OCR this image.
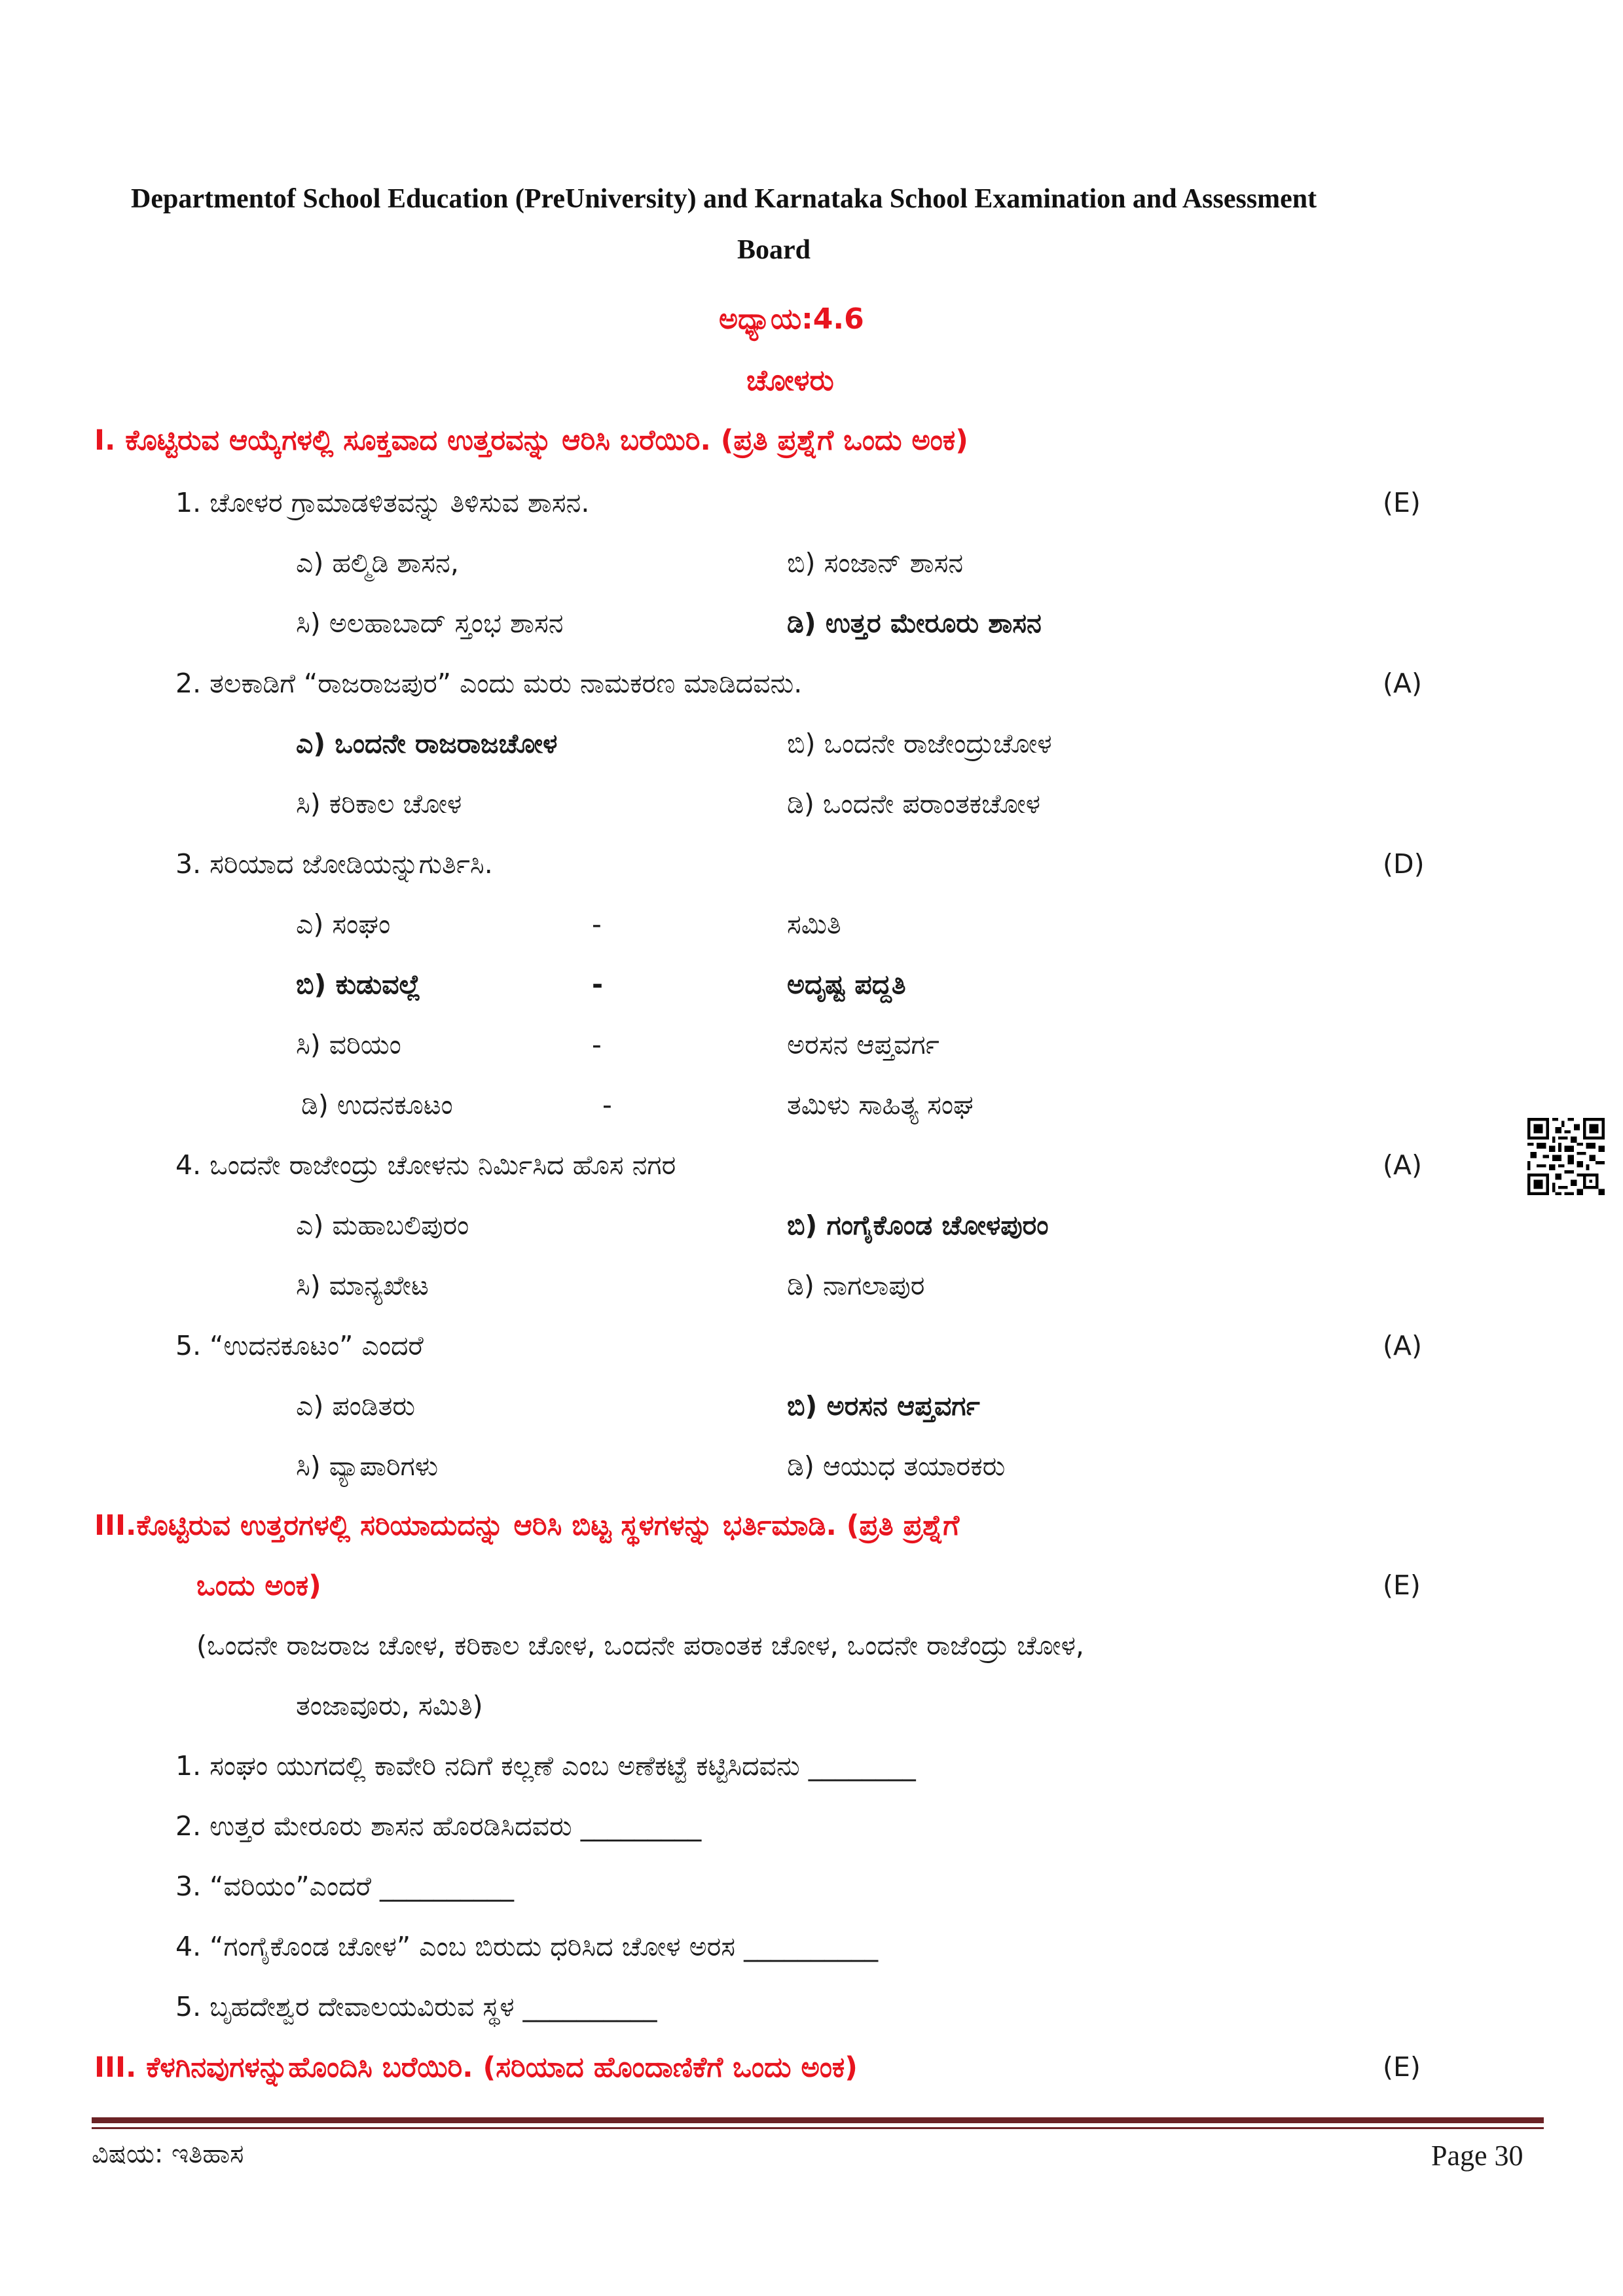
Departmentof School Education (PreUniversity) and Karnataka School Examination and Assessment
Board
ಅಧ್ಯಾಯ:4.6
ಚೋಳರು
I. ಕೊಟ್ಟಿರುವ ಆಯ್ಕೆಗಳಲ್ಲಿ ಸೂಕ್ತವಾದ ಉತ್ತರವನ್ನು ಆರಿಸಿ ಬರೆಯಿರಿ. (ಪ್ರತಿ ಪ್ರಶ್ನೆಗೆ ಒಂದು ಅಂಕ)
1. ಚೋಳರ ಗ್ರಾಮಾಡಳಿತವನ್ನು ತಿಳಿಸುವ ಶಾಸನ.	(E)
ಎ) ಹಲ್ಮಿಡಿ ಶಾಸನ,	ಬಿ) ಸಂಜಾನ್ ಶಾಸನ
ಸಿ) ಅಲಹಾಬಾದ್ ಸ್ತಂಭ ಶಾಸನ	ಡಿ) ಉತ್ತರ ಮೇರೂರು ಶಾಸನ
2. ತಲಕಾಡಿಗೆ “ರಾಜರಾಜಪುರ” ಎಂದು ಮರು ನಾಮಕರಣ ಮಾಡಿದವನು.	(A)
ಎ) ಒಂದನೇ ರಾಜರಾಜಚೋಳ	ಬಿ) ಒಂದನೇ ರಾಜೇಂದ್ರುಚೋಳ
ಸಿ) ಕರಿಕಾಲ ಚೋಳ	ಡಿ) ಒಂದನೇ ಪರಾಂತಕಚೋಳ
3. ಸರಿಯಾದ ಜೋಡಿಯನ್ನುಗುರ್ತಿಸಿ.	(D)
ಎ) ಸಂಘಂ	-	ಸಮಿತಿ
ಬಿ) ಕುಡುವಲ್ಲೆ	-	ಅದೃಷ್ಟ ಪದ್ದತಿ
ಸಿ) ವರಿಯಂ	-	ಅರಸನ ಆಪ್ತವರ್ಗ
ಡಿ) ಉದನಕೂಟಂ	-	ತಮಿಳು ಸಾಹಿತ್ಯ ಸಂಘ
4. ಒಂದನೇ ರಾಜೇಂದ್ರು ಚೋಳನು ನಿರ್ಮಿಸಿದ ಹೊಸ ನಗರ	(A)
ಎ) ಮಹಾಬಲಿಪುರಂ	ಬಿ) ಗಂಗೈಕೊಂಡ ಚೋಳಪುರಂ
ಸಿ) ಮಾನ್ಯಖೇಟ	ಡಿ) ನಾಗಲಾಪುರ
5. “ಉದನಕೂಟಂ” ಎಂದರೆ	(A)
ಎ) ಪಂಡಿತರು	ಬಿ) ಅರಸನ ಆಪ್ತವರ್ಗ
ಸಿ) ವ್ಯಾಪಾರಿಗಳು	ಡಿ) ಆಯುಧ ತಯಾರಕರು
III.ಕೊಟ್ಟಿರುವ ಉತ್ತರಗಳಲ್ಲಿ ಸರಿಯಾದುದನ್ನು ಆರಿಸಿ ಬಿಟ್ಟ ಸ್ಥಳಗಳನ್ನು ಭರ್ತಿಮಾಡಿ. (ಪ್ರತಿ ಪ್ರಶ್ನೆಗೆ
ಒಂದು ಅಂಕ)	(E)
(ಒಂದನೇ ರಾಜರಾಜ ಚೋಳ, ಕರಿಕಾಲ ಚೋಳ, ಒಂದನೇ ಪರಾಂತಕ ಚೋಳ, ಒಂದನೇ ರಾಜೆಂದ್ರು ಚೋಳ,
ತಂಜಾವೂರು, ಸಮಿತಿ)
1. ಸಂಘಂ ಯುಗದಲ್ಲಿ ಕಾವೇರಿ ನದಿಗೆ ಕಲ್ಲಣೆ ಎಂಬ ಅಣೆಕಟ್ಟೆ ಕಟ್ಟಿಸಿದವನು ________
2. ಉತ್ತರ ಮೇರೂರು ಶಾಸನ ಹೊರಡಿಸಿದವರು _________
3. “ವರಿಯಂ”ಎಂದರೆ __________
4. “ಗಂಗೈಕೊಂಡ ಚೋಳ” ಎಂಬ ಬಿರುದು ಧರಿಸಿದ ಚೋಳ ಅರಸ __________
5. ಬೃಹದೇಶ್ವರ ದೇವಾಲಯವಿರುವ ಸ್ಥಳ __________
III. ಕೆಳಗಿನವುಗಳನ್ನುಹೊಂದಿಸಿ ಬರೆಯಿರಿ. (ಸರಿಯಾದ ಹೊಂದಾಣಿಕೆಗೆ ಒಂದು ಅಂಕ)	(E)
ವಿಷಯ: ಇತಿಹಾಸ	Page 30
